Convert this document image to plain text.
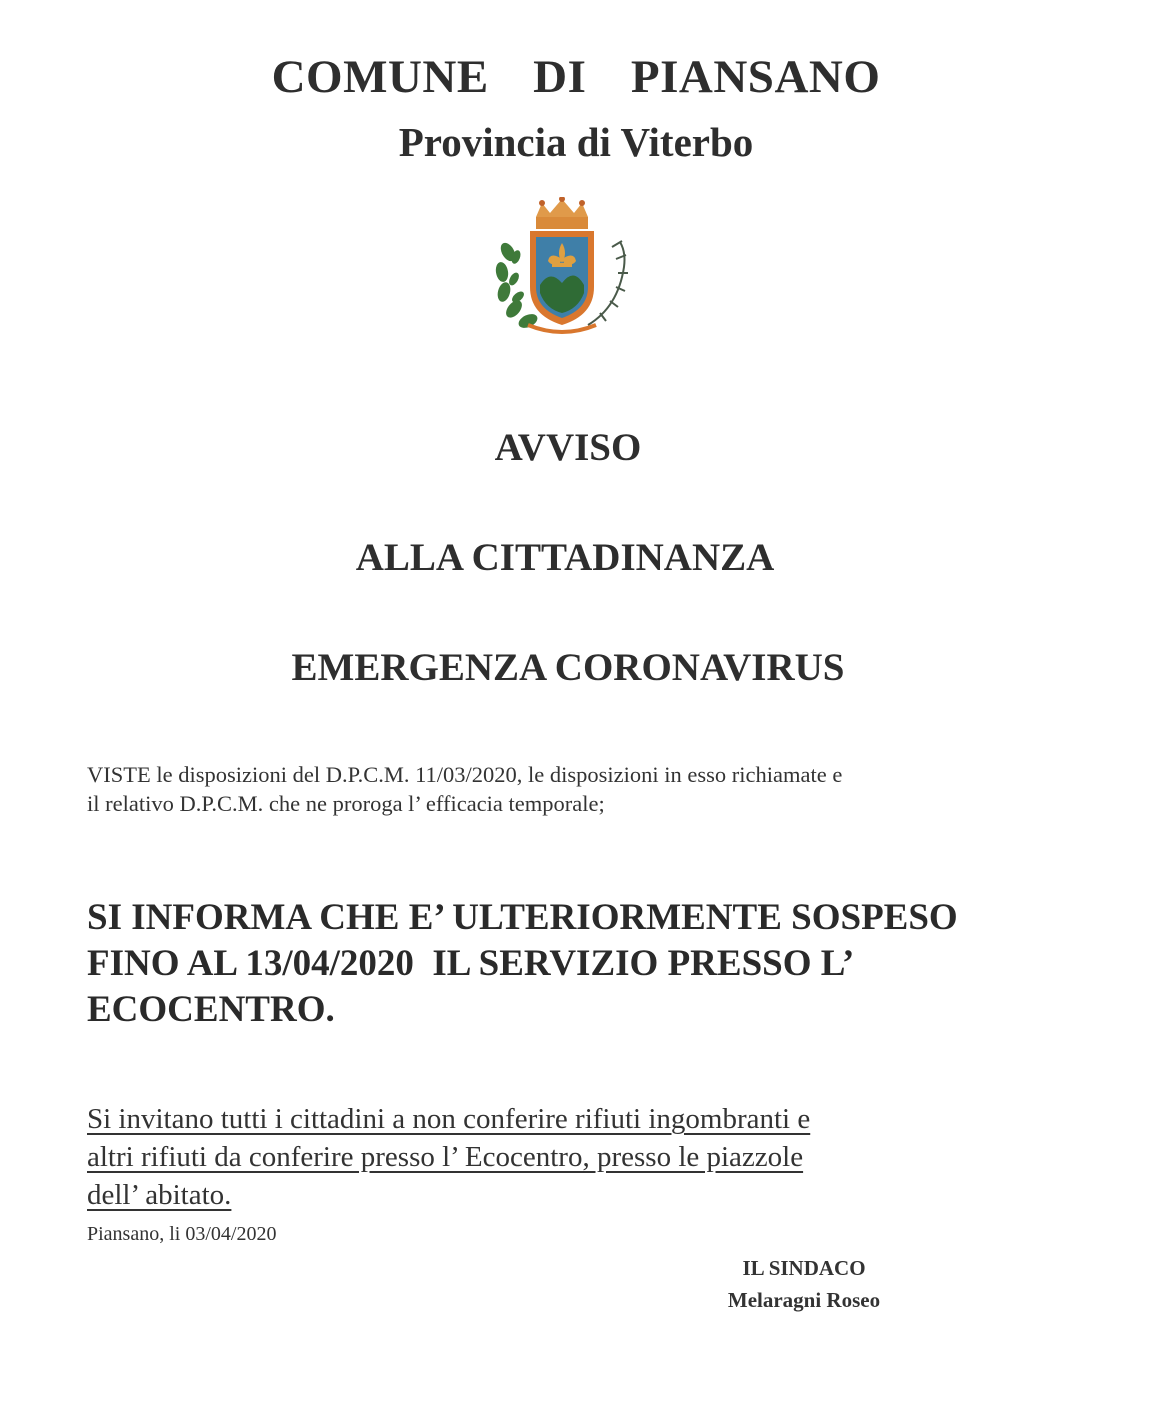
COMUNE  DI  PIANSANO
Provincia di Viterbo
AVVISO
ALLA CITTADINANZA
EMERGENZA CORONAVIRUS
VISTE le disposizioni del D.P.C.M. 11/03/2020, le disposizioni in esso richiamate e
il relativo D.P.C.M. che ne proroga l’ efficacia temporale;
SI INFORMA CHE E’ ULTERIORMENTE SOSPESO
FINO AL 13/04/2020  IL SERVIZIO PRESSO L’
ECOCENTRO.
Si invitano tutti i cittadini a non conferire rifiuti ingombranti e
altri rifiuti da conferire presso l’ Ecocentro, presso le piazzole
dell’ abitato.
Piansano, li 03/04/2020
IL SINDACO
Melaragni Roseo
